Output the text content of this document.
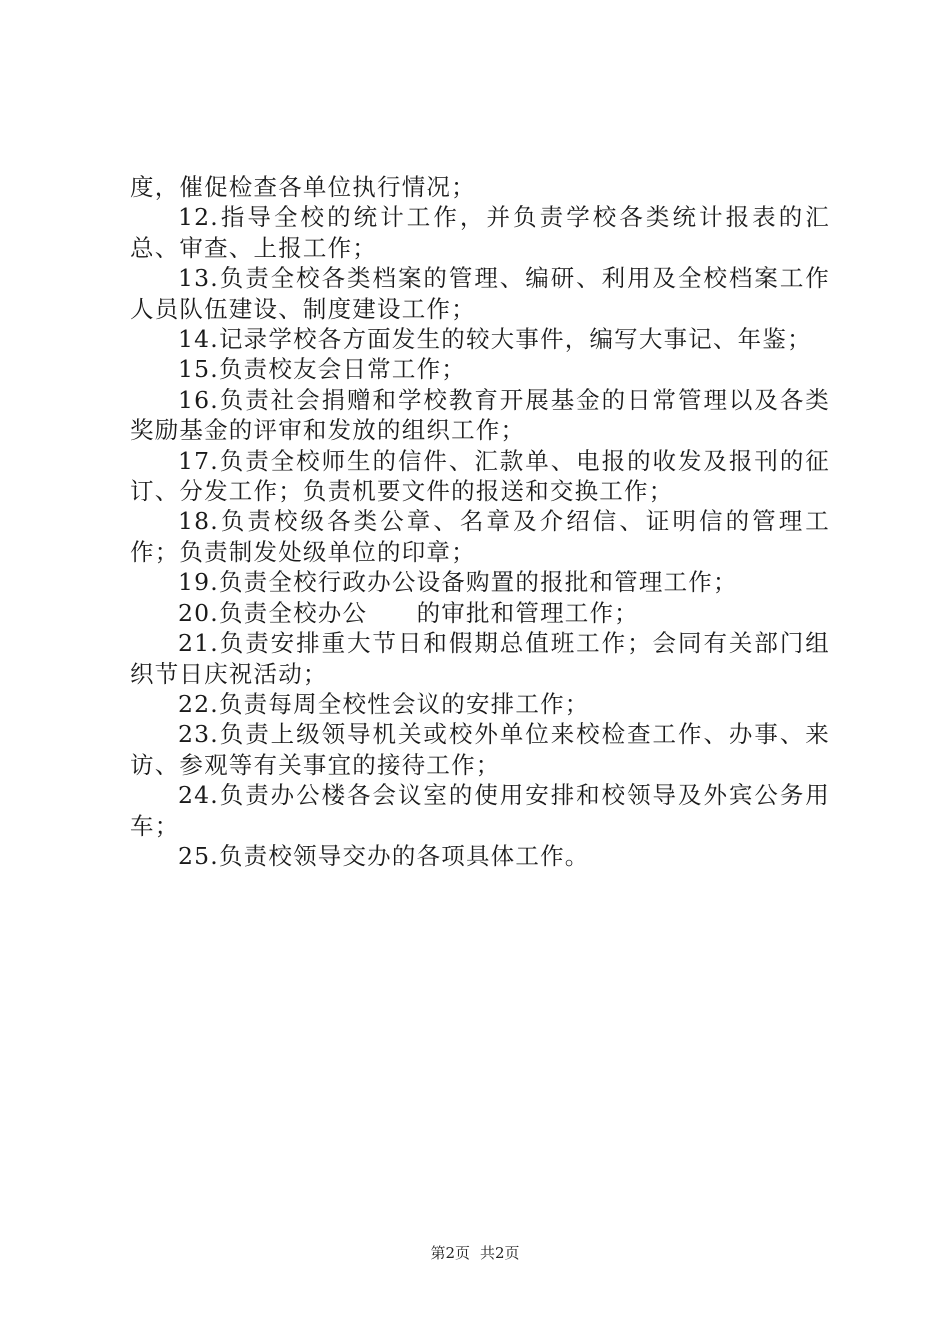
度，催促检查各单位执行情况；

12.指导全校的统计工作，并负责学校各类统计报表的汇总、审查、上报工作；

13.负责全校各类档案的管理、编研、利用及全校档案工作人员队伍建设、制度建设工作；

14.记录学校各方面发生的较大事件，编写大事记、年鉴；

15.负责校友会日常工作；

16.负责社会捐赠和学校教育开展基金的日常管理以及各类奖励基金的评审和发放的组织工作；

17.负责全校师生的信件、汇款单、电报的收发及报刊的征订、分发工作；负责机要文件的报送和交换工作；

18.负责校级各类公章、名章及介绍信、证明信的管理工作；负责制发处级单位的印章；

19.负责全校行政办公设备购置的报批和管理工作；

20.负责全校办公　　的审批和管理工作；

21.负责安排重大节日和假期总值班工作；会同有关部门组织节日庆祝活动；

22.负责每周全校性会议的安排工作；

23.负责上级领导机关或校外单位来校检查工作、办事、来访、参观等有关事宜的接待工作；

24.负责办公楼各会议室的使用安排和校领导及外宾公务用车；

25.负责校领导交办的各项具体工作。

第2页 共2页
